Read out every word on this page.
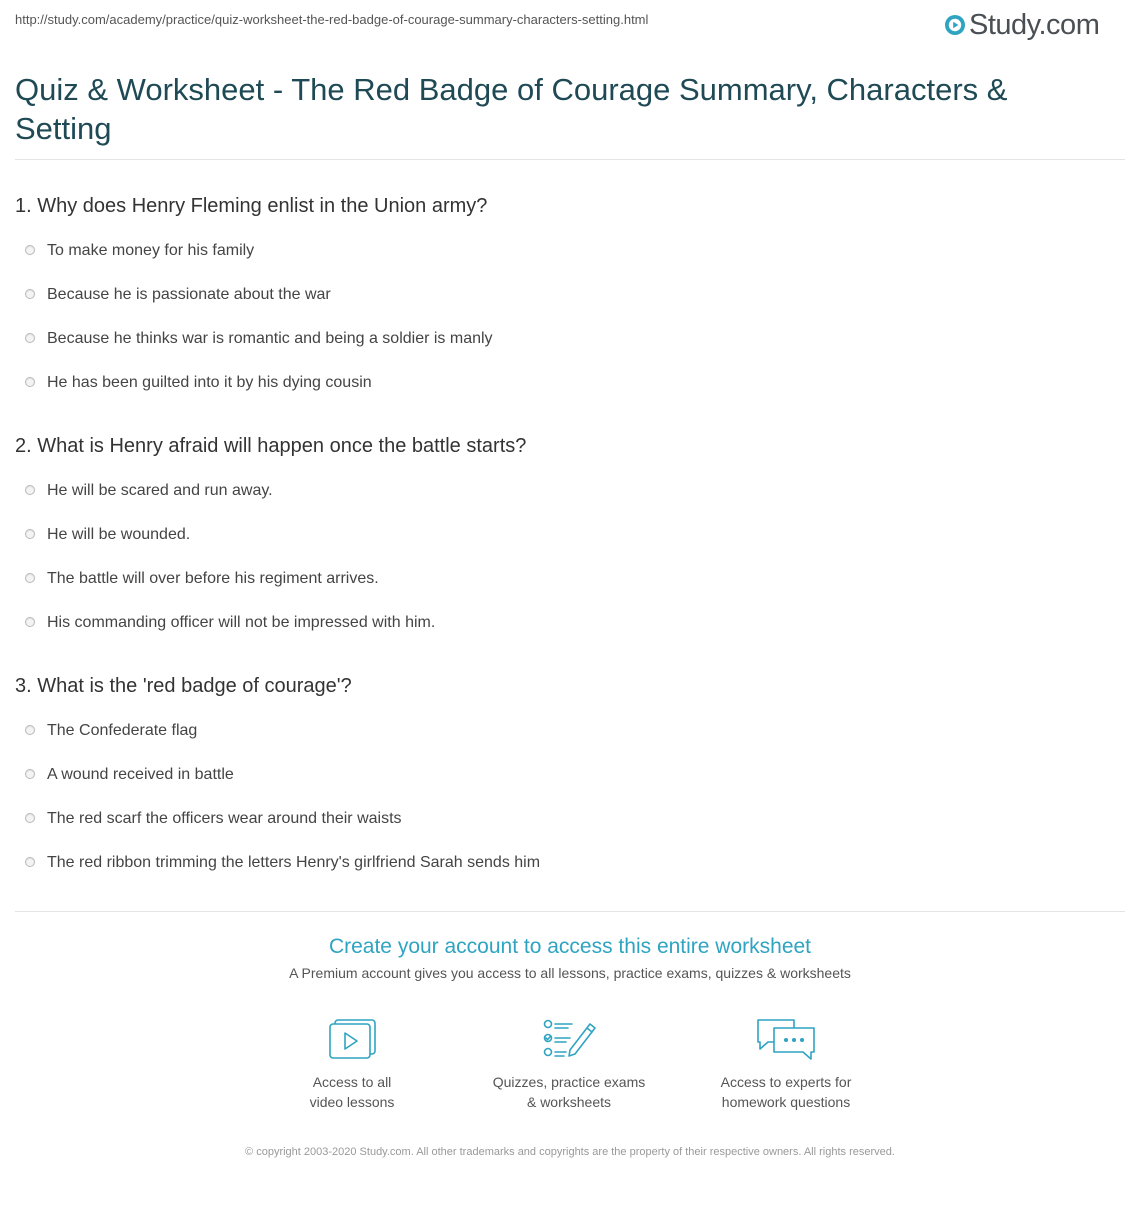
http://study.com/academy/practice/quiz-worksheet-the-red-badge-of-courage-summary-characters-setting.html	Study.com
Quiz & Worksheet - The Red Badge of Courage Summary, Characters & Setting
1. Why does Henry Fleming enlist in the Union army?
To make money for his family
Because he is passionate about the war
Because he thinks war is romantic and being a soldier is manly
He has been guilted into it by his dying cousin
2. What is Henry afraid will happen once the battle starts?
He will be scared and run away.
He will be wounded.
The battle will over before his regiment arrives.
His commanding officer will not be impressed with him.
3. What is the 'red badge of courage'?
The Confederate flag
A wound received in battle
The red scarf the officers wear around their waists
The red ribbon trimming the letters Henry's girlfriend Sarah sends him
Create your account to access this entire worksheet
A Premium account gives you access to all lessons, practice exams, quizzes & worksheets
Access to all
video lessons
Quizzes, practice exams
& worksheets
Access to experts for
homework questions
© copyright 2003-2020 Study.com. All other trademarks and copyrights are the property of their respective owners. All rights reserved.
